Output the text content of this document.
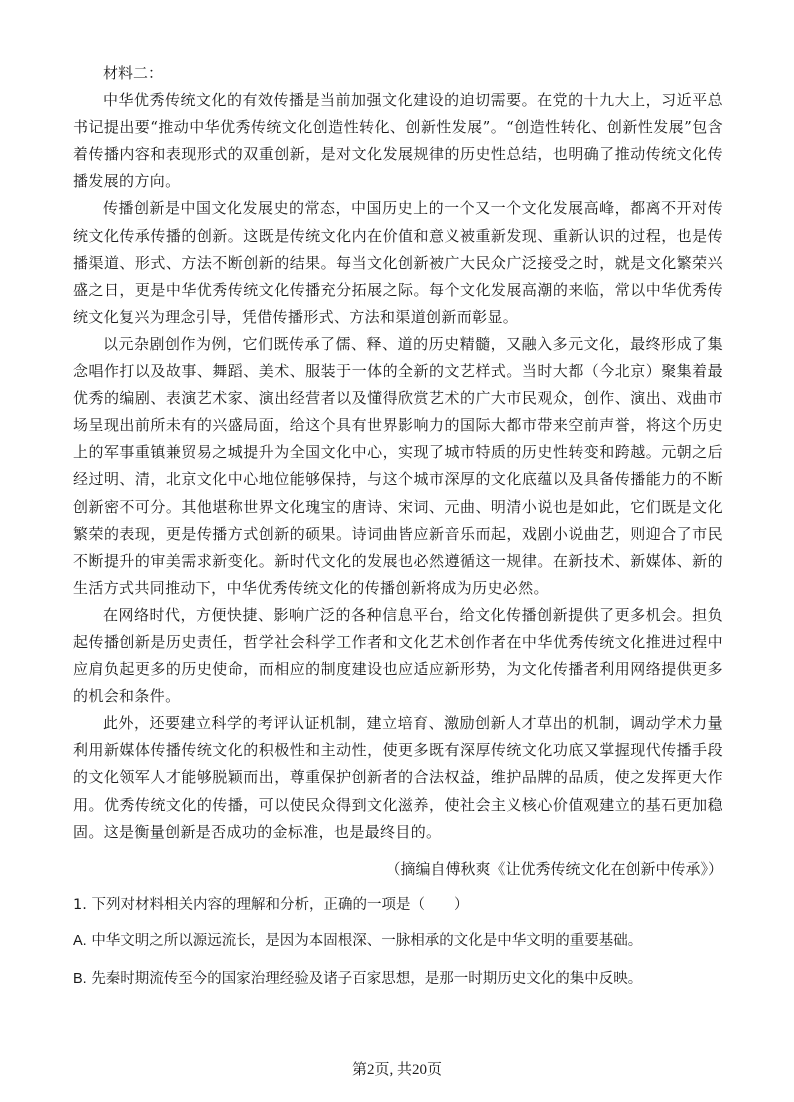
材料二：

中华优秀传统文化的有效传播是当前加强文化建设的迫切需要。在党的十九大上，习近平总书记提出要“推动中华优秀传统文化创造性转化、创新性发展”。“创造性转化、创新性发展”包含着传播内容和表现形式的双重创新，是对文化发展规律的历史性总结，也明确了推动传统文化传播发展的方向。

传播创新是中国文化发展史的常态，中国历史上的一个又一个文化发展高峰，都离不开对传统文化传承传播的创新。这既是传统文化内在价值和意义被重新发现、重新认识的过程，也是传播渠道、形式、方法不断创新的结果。每当文化创新被广大民众广泛接受之时，就是文化繁荣兴盛之日，更是中华优秀传统文化传播充分拓展之际。每个文化发展高潮的来临，常以中华优秀传统文化复兴为理念引导，凭借传播形式、方法和渠道创新而彰显。

以元杂剧创作为例，它们既传承了儒、释、道的历史精髓，又融入多元文化，最终形成了集念唱作打以及故事、舞蹈、美术、服装于一体的全新的文艺样式。当时大都（今北京）聚集着最优秀的编剧、表演艺术家、演出经营者以及懂得欣赏艺术的广大市民观众，创作、演出、戏曲市场呈现出前所未有的兴盛局面，给这个具有世界影响力的国际大都市带来空前声誉，将这个历史上的军事重镇兼贸易之城提升为全国文化中心，实现了城市特质的历史性转变和跨越。元朝之后经过明、清，北京文化中心地位能够保持，与这个城市深厚的文化底蕴以及具备传播能力的不断创新密不可分。其他堪称世界文化瑰宝的唐诗、宋词、元曲、明清小说也是如此，它们既是文化繁荣的表现，更是传播方式创新的硕果。诗词曲皆应新音乐而起，戏剧小说曲艺，则迎合了市民不断提升的审美需求新变化。新时代文化的发展也必然遵循这一规律。在新技术、新媒体、新的生活方式共同推动下，中华优秀传统文化的传播创新将成为历史必然。

在网络时代，方便快捷、影响广泛的各种信息平台，给文化传播创新提供了更多机会。担负起传播创新是历史责任，哲学社会科学工作者和文化艺术创作者在中华优秀传统文化推进过程中应肩负起更多的历史使命，而相应的制度建设也应适应新形势，为文化传播者利用网络提供更多的机会和条件。

此外，还要建立科学的考评认证机制，建立培育、激励创新人才草出的机制，调动学术力量利用新媒体传播传统文化的积极性和主动性，使更多既有深厚传统文化功底又掌握现代传播手段的文化领军人才能够脱颖而出，尊重保护创新者的合法权益，维护品牌的品质，使之发挥更大作用。优秀传统文化的传播，可以使民众得到文化滋养，使社会主义核心价值观建立的基石更加稳固。这是衡量创新是否成功的金标准，也是最终目的。

（摘编自傅秋爽《让优秀传统文化在创新中传承》）

1. 下列对材料相关内容的理解和分析，正确的一项是（　　）

A. 中华文明之所以源远流长，是因为本固根深、一脉相承的文化是中华文明的重要基础。

B. 先秦时期流传至今的国家治理经验及诸子百家思想，是那一时期历史文化的集中反映。

第2页, 共20页
